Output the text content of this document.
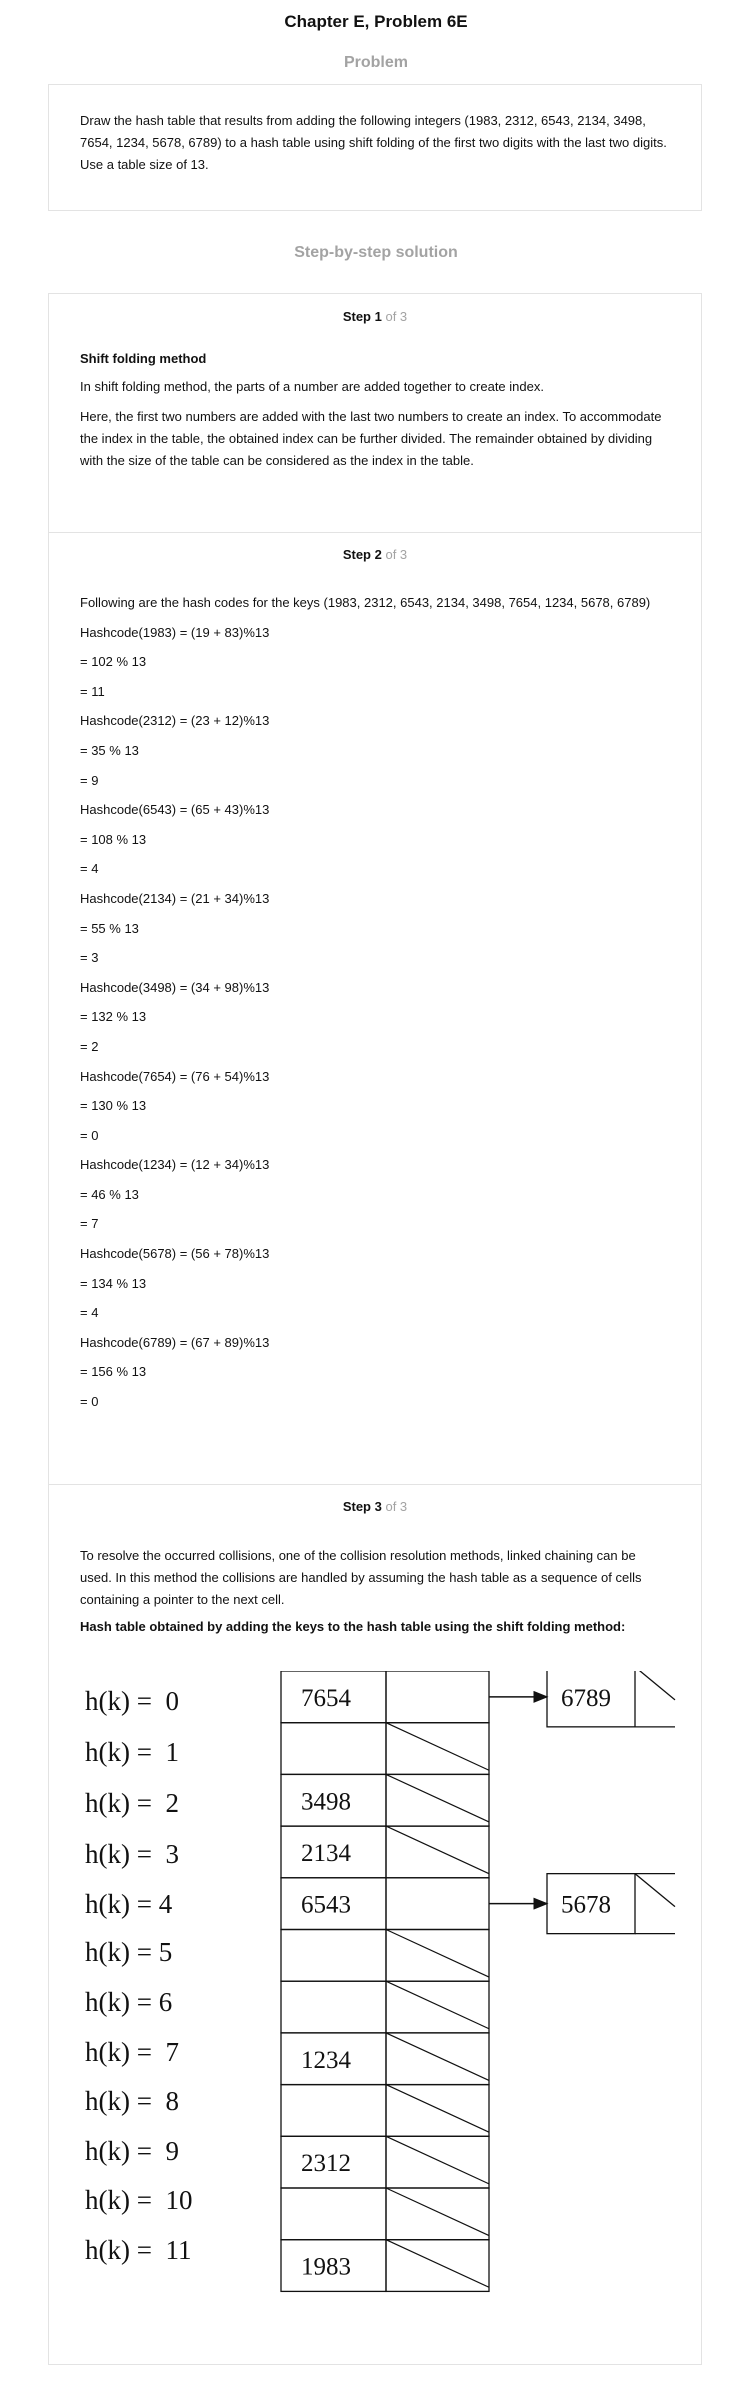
Chapter E, Problem 6E
Problem

Draw the hash table that results from adding the following integers (1983, 2312, 6543, 2134, 3498, 7654, 1234, 5678, 6789) to a hash table using shift folding of the first two digits with the last two digits. Use a table size of 13.

Step-by-step solution

Step 1 of 3

Shift folding method

In shift folding method, the parts of a number are added together to create index.

Here, the first two numbers are added with the last two numbers to create an index. To accommodate the index in the table, the obtained index can be further divided. The remainder obtained by dividing with the size of the table can be considered as the index in the table.

Step 2 of 3

Following are the hash codes for the keys (1983, 2312, 6543, 2134, 3498, 7654, 1234, 5678, 6789)

Hashcode(1983) = (19 + 83)%13

= 102 % 13

= 11

Hashcode(2312) = (23 + 12)%13

= 35 % 13

= 9

Hashcode(6543) = (65 + 43)%13

= 108 % 13

= 4

Hashcode(2134) = (21 + 34)%13

= 55 % 13

= 3

Hashcode(3498) = (34 + 98)%13

= 132 % 13

= 2

Hashcode(7654) = (76 + 54)%13

= 130 % 13

= 0

Hashcode(1234) = (12 + 34)%13

= 46 % 13

= 7

Hashcode(5678) = (56 + 78)%13

= 134 % 13

= 4

Hashcode(6789) = (67 + 89)%13

= 156 % 13

= 0

Step 3 of 3

To resolve the occurred collisions, one of the collision resolution methods, linked chaining can be used. In this method the collisions are handled by assuming the hash table as a sequence of cells containing a pointer to the next cell.

Hash table obtained by adding the keys to the hash table using the shift folding method:

h(k) =  0
h(k) =  1
h(k) =  2
h(k) =  3
h(k) = 4
h(k) = 5
h(k) = 6
h(k) =  7
h(k) =  8
h(k) =  9
h(k) =  10
h(k) =  11
7654
3498
2134
6543
1234
2312
1983
6789
5678
